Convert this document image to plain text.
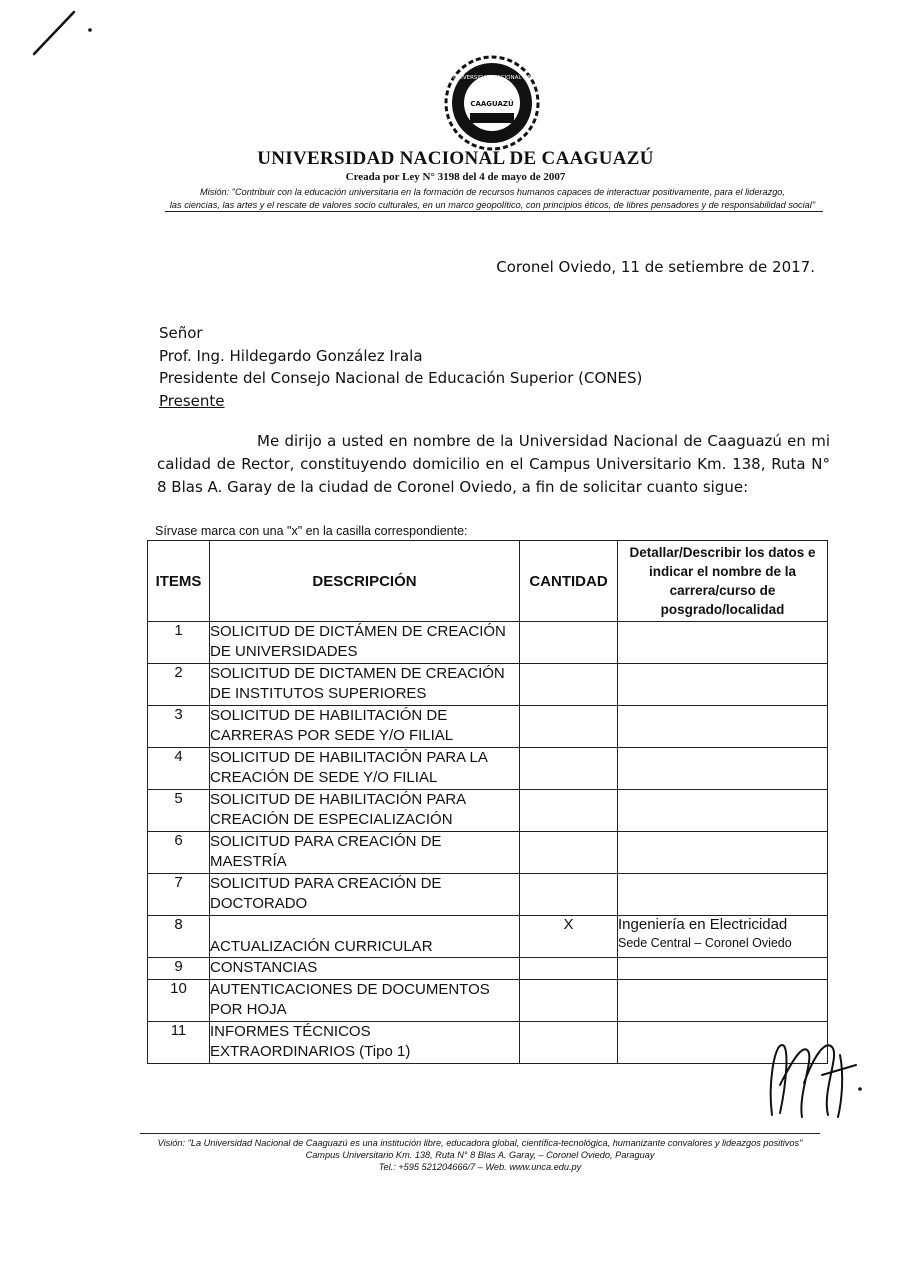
UNIVERSIDAD NACIONAL DE
CAAGUAZÚ
UNIVERSIDAD NACIONAL DE CAAGUAZÚ
Creada por Ley N° 3198 del 4 de mayo de 2007
Misión: "Contribuir con la educación universitaria en la formación de recursos humanos capaces de interactuar positivamente, para el liderazgo,
las ciencias, las artes y el rescate de valores socio culturales, en un marco geopolítico, con principios éticos, de libres pensadores y de responsabilidad social"
Coronel Oviedo, 11 de setiembre de 2017.
Señor
Prof. Ing. Hildegardo González Irala
Presidente del Consejo Nacional de Educación Superior (CONES)
Presente
Me dirijo a usted en nombre de la Universidad Nacional de Caaguazú en mi calidad de Rector, constituyendo domicilio en el Campus Universitario Km. 138, Ruta N° 8 Blas A. Garay de la ciudad de Coronel Oviedo, a fin de solicitar cuanto sigue:
Sírvase marca con una "x" en la casilla correspondiente:
ITEMS	DESCRIPCIÓN	CANTIDAD	Detallar/Describir los datos e indicar el nombre de la carrera/curso de posgrado/localidad
1	SOLICITUD DE DICTÁMEN DE CREACIÓN DE UNIVERSIDADES		

2	SOLICITUD DE DICTAMEN DE CREACIÓN DE INSTITUTOS SUPERIORES		

3	SOLICITUD DE HABILITACIÓN DE CARRERAS POR SEDE Y/O FILIAL		

4	SOLICITUD DE HABILITACIÓN PARA LA CREACIÓN DE SEDE Y/O FILIAL		

5	SOLICITUD DE HABILITACIÓN PARA CREACIÓN DE ESPECIALIZACIÓN		

6	SOLICITUD PARA CREACIÓN DE MAESTRÍA		

7	SOLICITUD PARA CREACIÓN DE DOCTORADO		

8	ACTUALIZACIÓN CURRICULAR	X	Ingeniería en Electricidad
Sede Central – Coronel Oviedo

9	CONSTANCIAS		

10	AUTENTICACIONES DE DOCUMENTOS POR HOJA		

11	INFORMES TÉCNICOS EXTRAORDINARIOS (Tipo 1)		
Visión: "La Universidad Nacional de Caaguazú es una institución libre, educadora global, científica-tecnológica, humanizante convalores y lideazgos positivos"
Campus Universitario Km. 138, Ruta N° 8 Blas A. Garay, – Coronel Oviedo, Paraguay
Tel.: +595 521204666/7 – Web. www.unca.edu.py
